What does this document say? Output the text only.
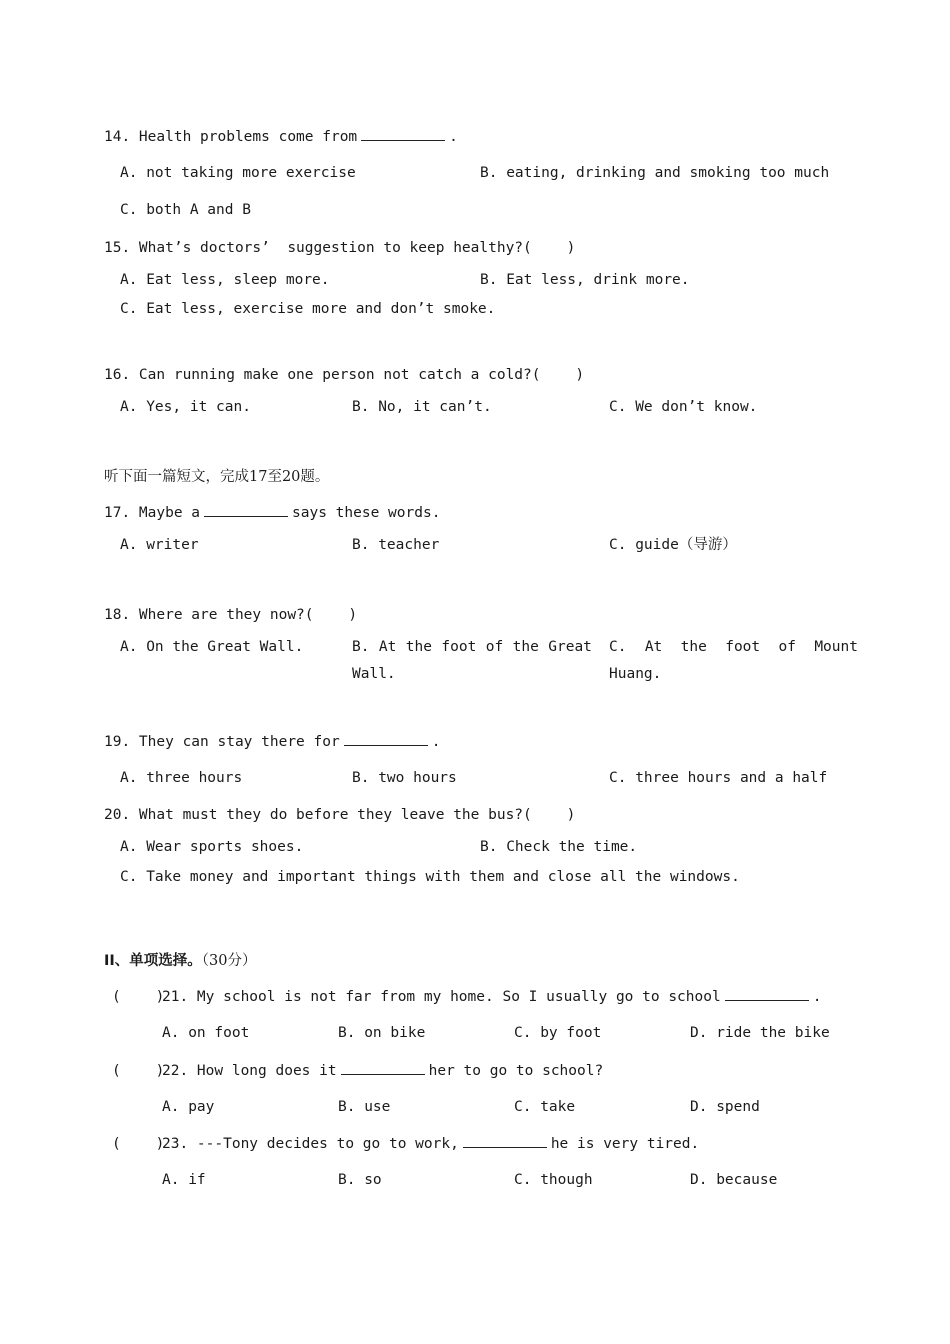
14. Health problems come from	.
A. not taking more exercise	B. eating, drinking and smoking too much
C. both A and B
15. What’s doctors’  suggestion to keep healthy?(    )
A. Eat less, sleep more.	B. Eat less, drink more.
C. Eat less, exercise more and don’t smoke.
16. Can running make one person not catch a cold?(    )
A. Yes, it can.	B. No, it can’t.	C. We don’t know.
听下面一篇短文，完成17至20题。
17. Maybe a	says these words.
A. writer	B. teacher	C. guide（导游）
18. Where are they now?(    )
A. On the Great Wall.	B. At the foot of the Great
Wall.
C. At the foot of Mount
Huang.
19. They can stay there for	.
A. three hours	B. two hours	C. three hours and a half
20. What must they do before they leave the bus?(    )
A. Wear sports shoes.	B. Check the time.
C. Take money and important things with them and close all the windows.
II、单项选择。（30分）
(    )
21. My school is not far from my home. So I usually go to school	.
A. on foot	B. on bike	C. by foot	D. ride the bike
(    )
22. How long does it	her to go to school?
A. pay	B. use	C. take	D. spend
(    )
23. ---Tony decides to go to work,	he is very tired.
A. if	B. so	C. though	D. because
